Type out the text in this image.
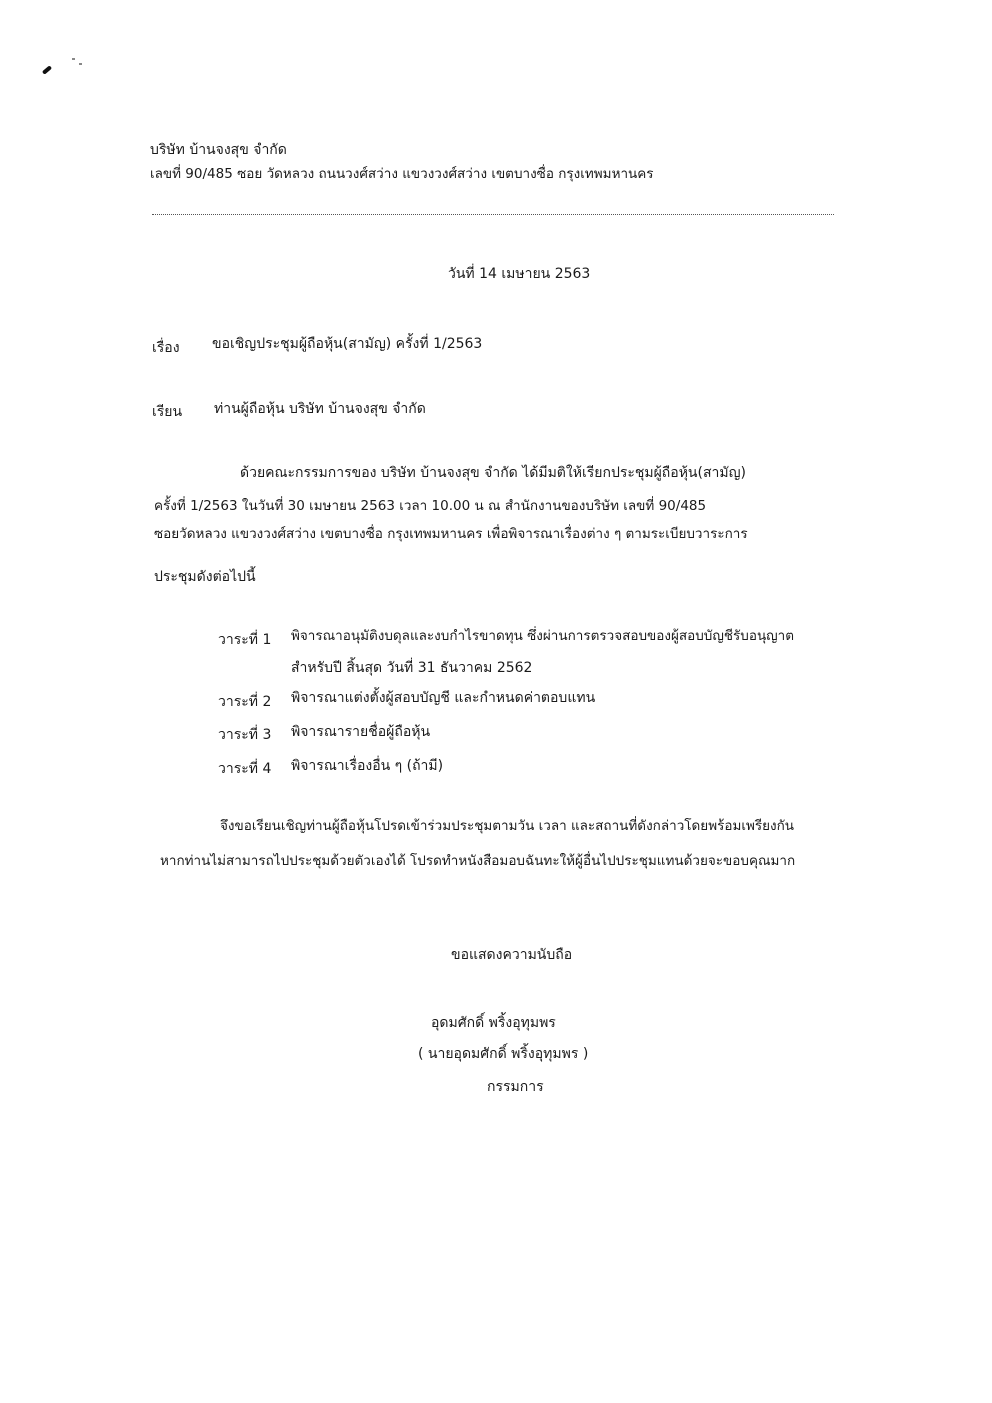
บริษัท บ้านจงสุข จำกัด
เลขที่ 90/485 ซอย วัดหลวง ถนนวงศ์สว่าง แขวงวงศ์สว่าง เขตบางซื่อ กรุงเทพมหานคร
วันที่ 14 เมษายน 2563
เรื่อง ขอเชิญประชุมผู้ถือหุ้น(สามัญ) ครั้งที่ 1/2563
เรียน ท่านผู้ถือหุ้น บริษัท บ้านจงสุข จำกัด
ด้วยคณะกรรมการของ บริษัท บ้านจงสุข จำกัด ได้มีมติให้เรียกประชุมผู้ถือหุ้น(สามัญ)
ครั้งที่ 1/2563 ในวันที่ 30 เมษายน 2563 เวลา 10.00 น ณ สำนักงานของบริษัท เลขที่ 90/485
ซอยวัดหลวง แขวงวงศ์สว่าง เขตบางซื่อ กรุงเทพมหานคร เพื่อพิจารณาเรื่องต่าง ๆ ตามระเบียบวาระการ
ประชุมดังต่อไปนี้
วาระที่ 1 พิจารณาอนุมัติงบดุลและงบกำไรขาดทุน ซึ่งผ่านการตรวจสอบของผู้สอบบัญชีรับอนุญาต
สำหรับปี สิ้นสุด วันที่ 31 ธันวาคม 2562
วาระที่ 2 พิจารณาแต่งตั้งผู้สอบบัญชี และกำหนดค่าตอบแทน
วาระที่ 3 พิจารณารายชื่อผู้ถือหุ้น
วาระที่ 4 พิจารณาเรื่องอื่น ๆ (ถ้ามี)
จึงขอเรียนเชิญท่านผู้ถือหุ้นโปรดเข้าร่วมประชุมตามวัน เวลา และสถานที่ดังกล่าวโดยพร้อมเพรียงกัน
หากท่านไม่สามารถไปประชุมด้วยตัวเองได้ โปรดทำหนังสือมอบฉันทะให้ผู้อื่นไปประชุมแทนด้วยจะขอบคุณมาก
ขอแสดงความนับถือ
อุดมศักดิ์ พริ้งอุทุมพร
( นายอุดมศักดิ์ พริ้งอุทุมพร )
กรรมการ
